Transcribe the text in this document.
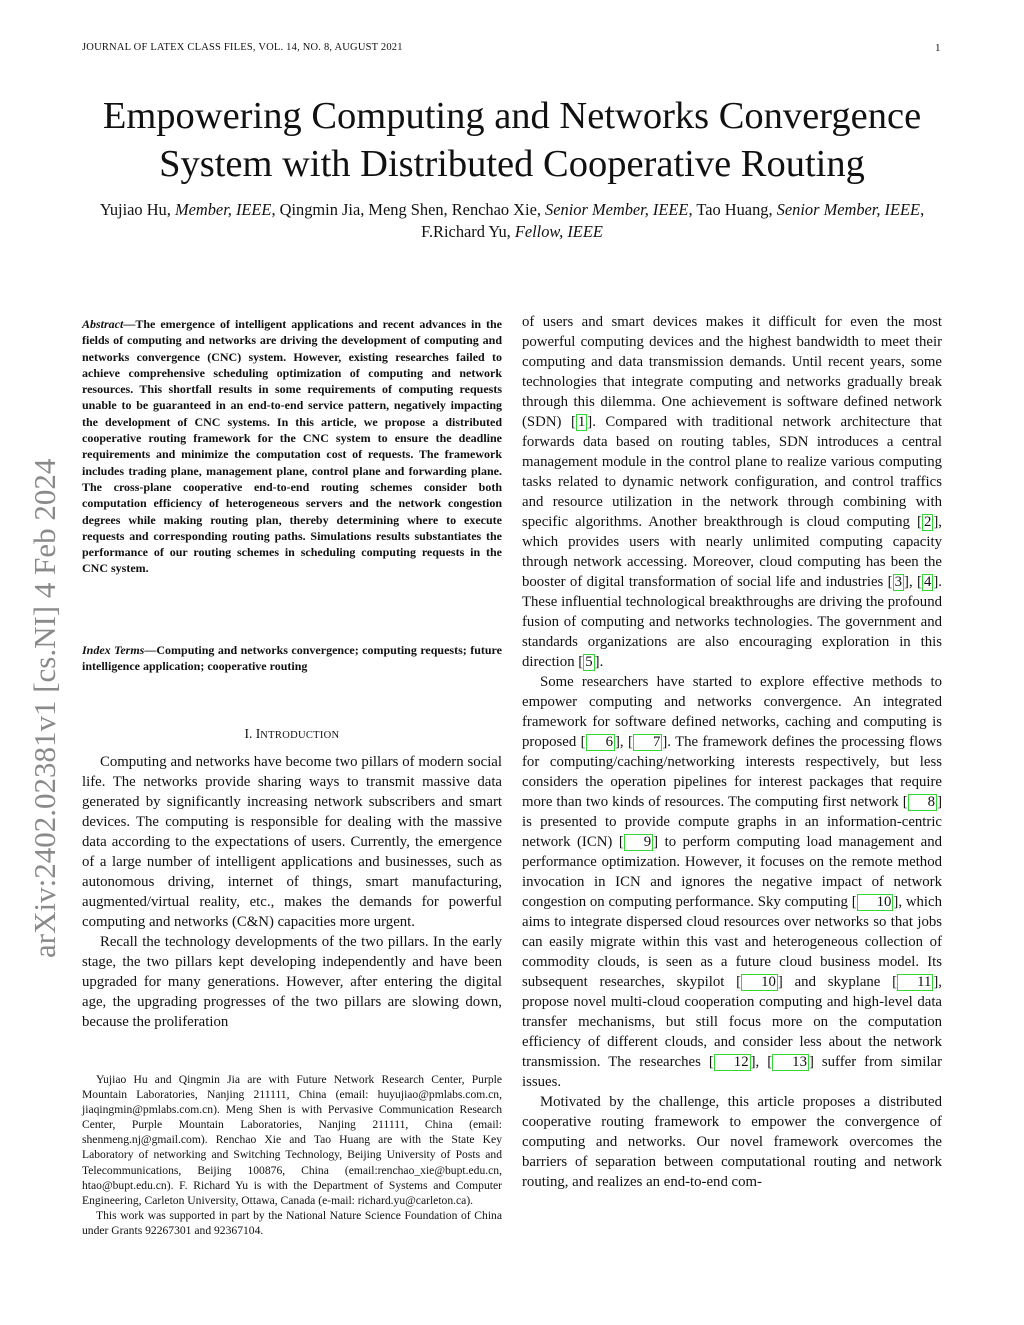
JOURNAL OF LATEX CLASS FILES, VOL. 14, NO. 8, AUGUST 2021	1
arXiv:2402.02381v1 [cs.NI] 4 Feb 2024
Empowering Computing and Networks Convergence
System with Distributed Cooperative Routing
Yujiao Hu, Member, IEEE, Qingmin Jia, Meng Shen, Renchao Xie, Senior Member, IEEE, Tao Huang, Senior Member, IEEE, F.Richard Yu, Fellow, IEEE

Abstract—The emergence of intelligent applications and recent advances in the fields of computing and networks are driving the development of computing and networks convergence (CNC) system. However, existing researches failed to achieve comprehensive scheduling optimization of computing and network resources. This shortfall results in some requirements of computing requests unable to be guaranteed in an end-to-end service pattern, negatively impacting the development of CNC systems. In this article, we propose a distributed cooperative routing framework for the CNC system to ensure the deadline requirements and minimize the computation cost of requests. The framework includes trading plane, management plane, control plane and forwarding plane. The cross-plane cooperative end-to-end routing schemes consider both computation efficiency of heterogeneous servers and the network congestion degrees while making routing plan, thereby determining where to execute requests and corresponding routing paths. Simulations results substantiates the performance of our routing schemes in scheduling computing requests in the CNC system.

Index Terms—Computing and networks convergence; computing requests; future intelligence application; cooperative routing

I. INTRODUCTION

Computing and networks have become two pillars of modern social life. The networks provide sharing ways to transmit massive data generated by significantly increasing network subscribers and smart devices. The computing is responsible for dealing with the massive data according to the expectations of users. Currently, the emergence of a large number of intelligent applications and businesses, such as autonomous driving, internet of things, smart manufacturing, augmented/virtual reality, etc., makes the demands for powerful computing and networks (C&N) capacities more urgent.

Recall the technology developments of the two pillars. In the early stage, the two pillars kept developing independently and have been upgraded for many generations. However, after entering the digital age, the upgrading progresses of the two pillars are slowing down, because the proliferation

Yujiao Hu and Qingmin Jia are with Future Network Research Center, Purple Mountain Laboratories, Nanjing 211111, China (email: huyujiao@pmlabs.com.cn, jiaqingmin@pmlabs.com.cn). Meng Shen is with Pervasive Communication Research Center, Purple Mountain Laboratories, Nanjing 211111, China (email: shenmeng.nj@gmail.com). Renchao Xie and Tao Huang are with the State Key Laboratory of networking and Switching Technology, Beijing University of Posts and Telecommunications, Beijing 100876, China (email:renchao_xie@bupt.edu.cn, htao@bupt.edu.cn). F. Richard Yu is with the Department of Systems and Computer Engineering, Carleton University, Ottawa, Canada (e-mail: richard.yu@carleton.ca).

This work was supported in part by the National Nature Science Foundation of China under Grants 92267301 and 92367104.

of users and smart devices makes it difficult for even the most powerful computing devices and the highest bandwidth to meet their computing and data transmission demands. Until recent years, some technologies that integrate computing and networks gradually break through this dilemma. One achievement is software defined network (SDN) [ 1 ]. Compared with traditional network architecture that forwards data based on routing tables, SDN introduces a central management module in the control plane to realize various computing tasks related to dynamic network configuration, and control traffics and resource utilization in the network through combining with specific algorithms. Another breakthrough is cloud computing [ 2 ], which provides users with nearly unlimited computing capacity through network accessing. Moreover, cloud computing has been the booster of digital transformation of social life and industries [ 3 ], [ 4 ]. These influential technological breakthroughs are driving the profound fusion of computing and networks technologies. The government and standards organizations are also encouraging exploration in this direction [ 5 ].

Some researchers have started to explore effective methods to empower computing and networks convergence. An integrated framework for software defined networks, caching and computing is proposed [ 6 ], [ 7 ]. The framework defines the processing flows for computing/caching/networking interests respectively, but less considers the operation pipelines for interest packages that require more than two kinds of resources. The computing first network [ 8 ] is presented to provide compute graphs in an information-centric network (ICN) [ 9 ] to perform computing load management and performance optimization. However, it focuses on the remote method invocation in ICN and ignores the negative impact of network congestion on computing performance. Sky computing [ 10 ], which aims to integrate dispersed cloud resources over networks so that jobs can easily migrate within this vast and heterogeneous collection of commodity clouds, is seen as a future cloud business model. Its subsequent researches, skypilot [ 10 ] and skyplane [ 11 ], propose novel multi-cloud cooperation computing and high-level data transfer mechanisms, but still focus more on the computation efficiency of different clouds, and consider less about the network transmission. The researches [ 12 ], [ 13 ] suffer from similar issues.

Motivated by the challenge, this article proposes a distributed cooperative routing framework to empower the convergence of computing and networks. Our novel framework overcomes the barriers of separation between computational routing and network routing, and realizes an end-to-end com-
